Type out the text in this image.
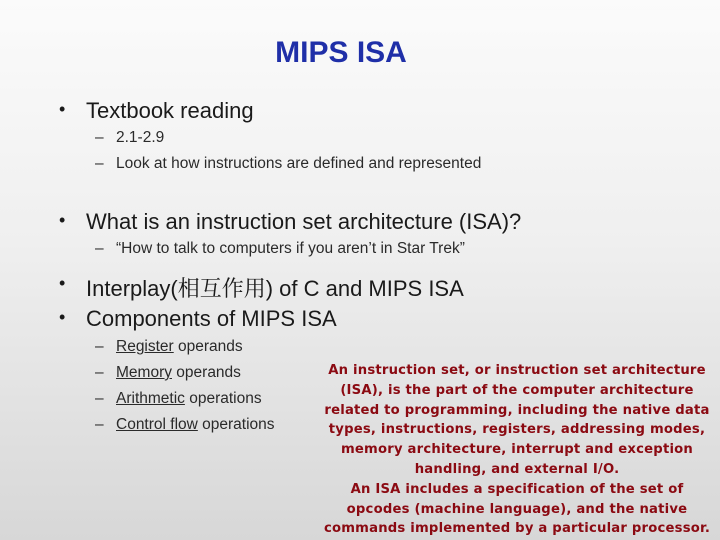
MIPS ISA
• Textbook reading
– 2.1-2.9
– Look at how instructions are defined and represented
• What is an instruction set architecture (ISA)?
– “How to talk to computers if you aren’t in Star Trek”
• Interplay(相互作用) of C and MIPS ISA
• Components of MIPS ISA
– Register operands
– Memory operands
– Arithmetic operations
– Control flow operations
An instruction set, or instruction set architecture
(ISA), is the part of the computer architecture
related to programming, including the native data
types, instructions, registers, addressing modes,
memory architecture, interrupt and exception
handling, and external I/O.
An ISA includes a specification of the set of
opcodes (machine language), and the native
commands implemented by a particular processor.
